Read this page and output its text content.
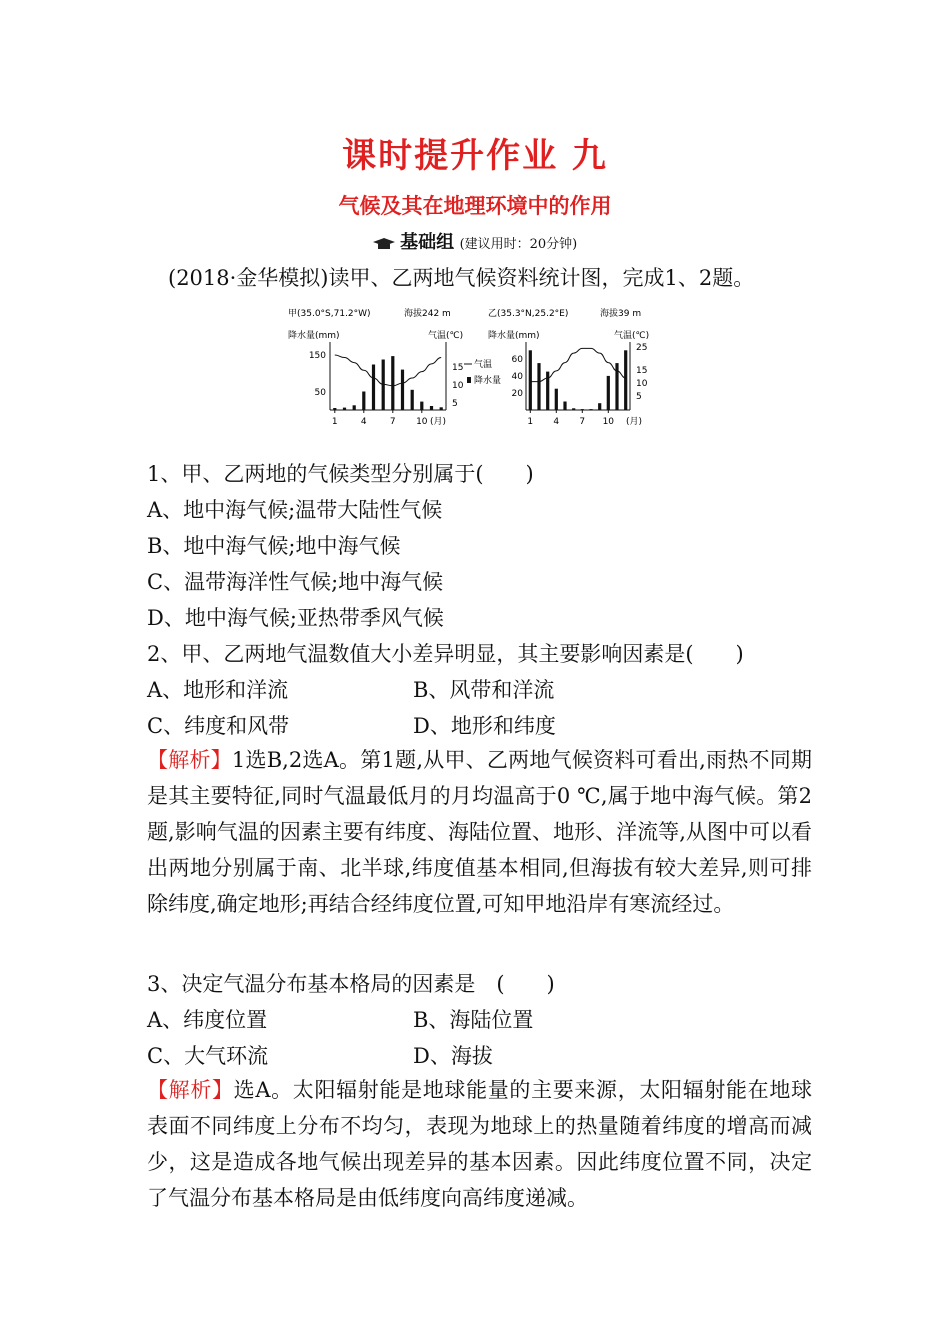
课时提升作业 九
气候及其在地理环境中的作用
基础组 (建议用时：20分钟)
(2018·金华模拟)读甲、乙两地气候资料统计图，完成1、2题。
甲(35.0°S,71.2°W)	海拔242 m
降水量(mm)	气温(℃)
1	4	7 10 (月)
150
50
15
10
5
气温
降水量
乙(35.3°N,25.2°E)	海拔39 m
降水量(mm)	气温(℃)
1 4 7 10 (月)
60
40
20
25
15
10
5
1、甲、乙两地的气候类型分别属于(　　)
A、地中海气候;温带大陆性气候
B、地中海气候;地中海气候
C、温带海洋性气候;地中海气候
D、地中海气候;亚热带季风气候
2、甲、乙两地气温数值大小差异明显，其主要影响因素是(　　)
A、地形和洋流	B、风带和洋流
C、纬度和风带	D、地形和纬度
【解析】1选B,2选A。第1题,从甲、乙两地气候资料可看出,雨热不同期是其主要特征,同时气温最低月的月均温高于0 ℃,属于地中海气候。第2题,影响气温的因素主要有纬度、海陆位置、地形、洋流等,从图中可以看出两地分别属于南、北半球,纬度值基本相同,但海拔有较大差异,则可排除纬度,确定地形;再结合经纬度位置,可知甲地沿岸有寒流经过。
3、决定气温分布基本格局的因素是　(　　)
A、纬度位置	B、海陆位置
C、大气环流	D、海拔
【解析】选A。太阳辐射能是地球能量的主要来源，太阳辐射能在地球表面不同纬度上分布不均匀，表现为地球上的热量随着纬度的增高而减少，这是造成各地气候出现差异的基本因素。因此纬度位置不同，决定了气温分布基本格局是由低纬度向高纬度递减。
